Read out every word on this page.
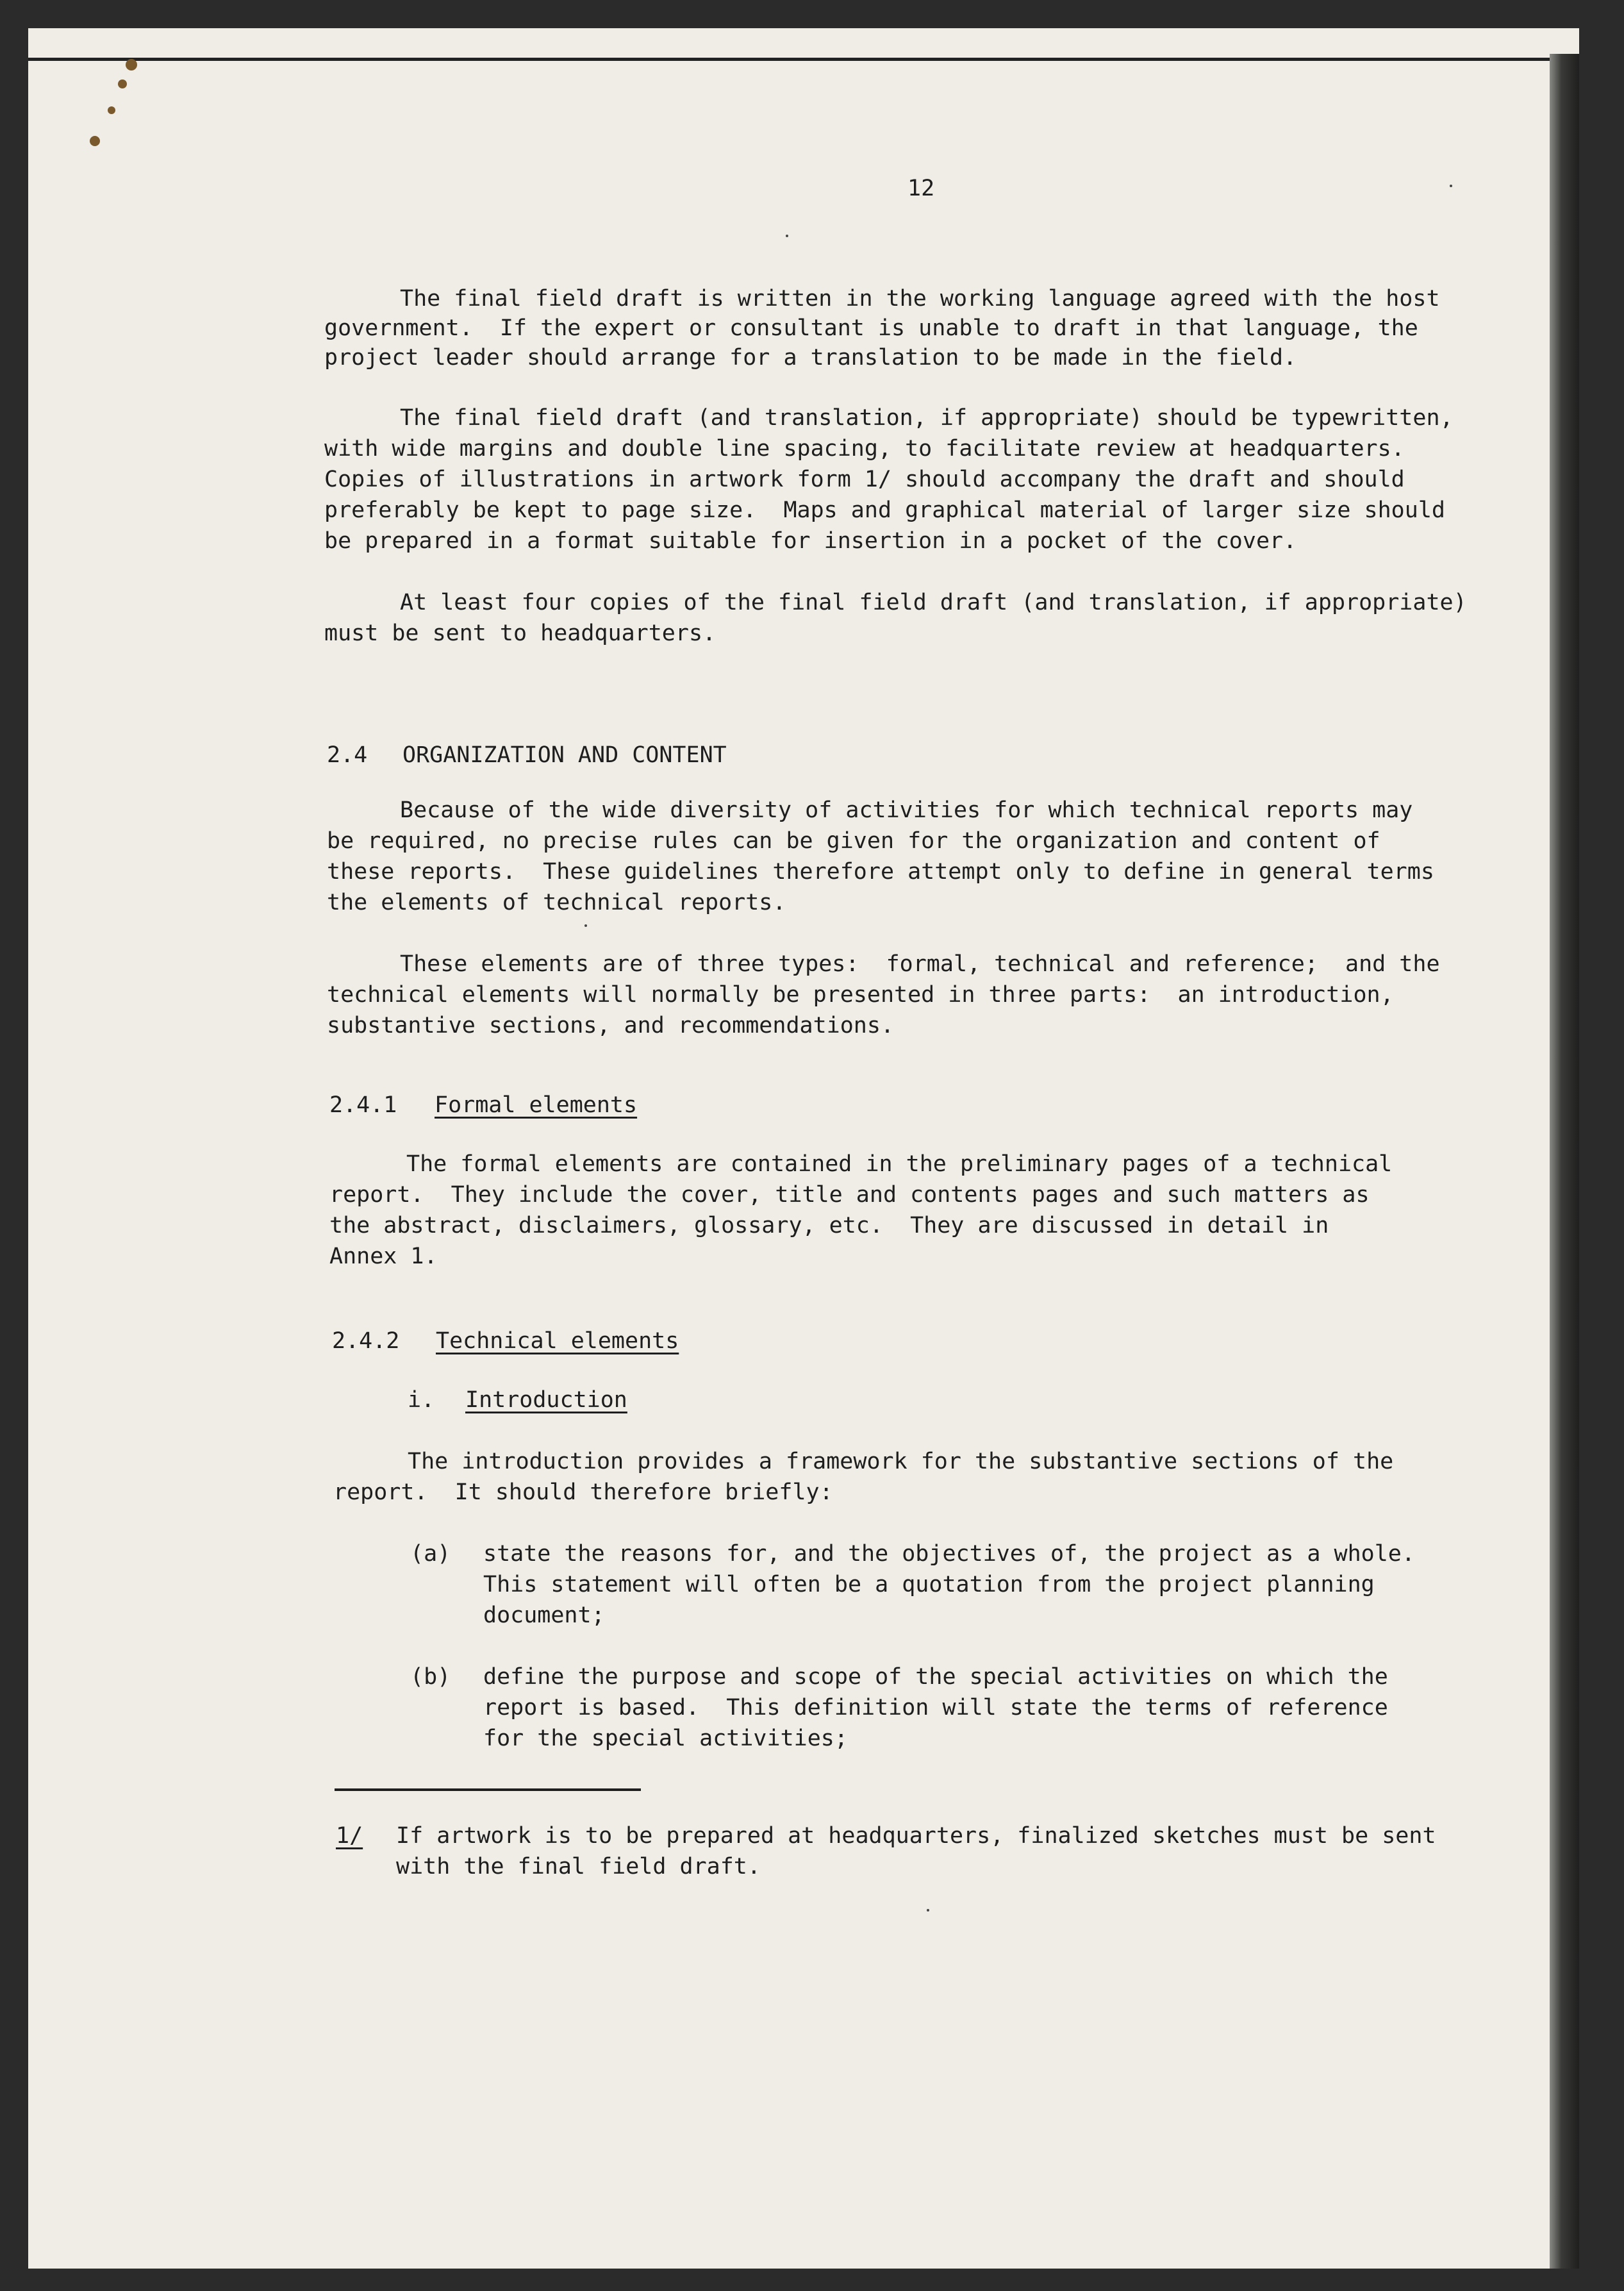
12
The final field draft is written in the working language agreed with the host
government.  If the expert or consultant is unable to draft in that language, the
project leader should arrange for a translation to be made in the field.
The final field draft (and translation, if appropriate) should be typewritten,
with wide margins and double line spacing, to facilitate review at headquarters.
Copies of illustrations in artwork form 1/ should accompany the draft and should
preferably be kept to page size.  Maps and graphical material of larger size should
be prepared in a format suitable for insertion in a pocket of the cover.
At least four copies of the final field draft (and translation, if appropriate)
must be sent to headquarters.
2.4 ORGANIZATION AND CONTENT
Because of the wide diversity of activities for which technical reports may
be required, no precise rules can be given for the organization and content of
these reports.  These guidelines therefore attempt only to define in general terms
the elements of technical reports.
These elements are of three types:  formal, technical and reference;  and the
technical elements will normally be presented in three parts:  an introduction,
substantive sections, and recommendations.
2.4.1 Formal elements
The formal elements are contained in the preliminary pages of a technical
report.  They include the cover, title and contents pages and such matters as
the abstract, disclaimers, glossary, etc.  They are discussed in detail in
Annex 1.
2.4.2 Technical elements
i. Introduction
The introduction provides a framework for the substantive sections of the
report.  It should therefore briefly:
(a) state the reasons for, and the objectives of, the project as a whole.
This statement will often be a quotation from the project planning
document;
(b) define the purpose and scope of the special activities on which the
report is based.  This definition will state the terms of reference
for the special activities;
1/ If artwork is to be prepared at headquarters, finalized sketches must be sent
with the final field draft.
